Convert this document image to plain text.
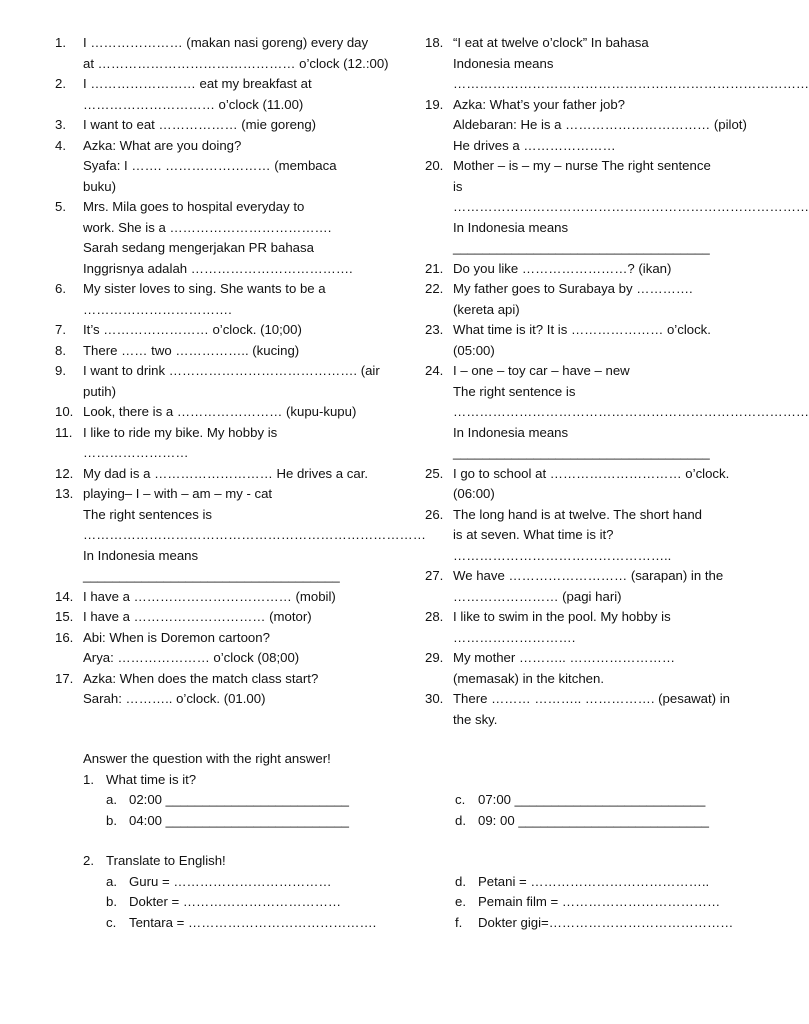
1.	I ………………… (makan nasi goreng) every day
at ……………………………………… o’clock (12.:00)
2.	I …………………… eat my breakfast at
………………………… o’clock (11.00)
3.	I want to eat ……………… (mie goreng)
4.	Azka: What are you doing?
Syafa: I ……. …………………… (membaca
buku)
5.	Mrs. Mila goes to hospital everyday to
work. She is a ……………………………….
Sarah sedang mengerjakan PR bahasa
Inggrisnya adalah ……………………………….
6.	My sister loves to sing. She wants to be a
…………………………….
7.	It’s …………………… o’clock. (10;00)
8.	There …… two …………….. (kucing)
9.	I want to drink ……………………………………. (air
putih)
10. Look, there is a …………………… (kupu-kupu)
11. I like to ride my bike. My hobby is
……………………
12. My dad is a ……………………… He drives a car.
13. playing– I – with – am – my - cat
The right sentences is
……………………………………………………………………
In Indonesia means
___________________________________
14. I have a ……………………………… (mobil)
15. I have a ………………………… (motor)
16. Abi: When is Doremon cartoon?
Arya: ………………… o’clock (08;00)
17. Azka: When does the match class start?
Sarah: ……….. o’clock. (01.00)
18. “I eat at twelve o’clock” In bahasa
Indonesia means
………………………………………………………………………
19. Azka: What’s your father job?
Aldebaran: He is a …………………………… (pilot)
He drives a …………………
20. Mother – is – my – nurse The right sentence
is
………………………………………………………………………
In Indonesia means
___________________________________
21. Do you like ……………………? (ikan)
22. My father goes to Surabaya by ………….
(kereta api)
23. What time is it? It is ………………… o’clock.
(05:00)
24. I – one – toy car – have – new
The right sentence is
………………………………………………………………………
In Indonesia means
___________________________________
25. I go to school at ………………………… o’clock.
(06:00)
26. The long hand is at twelve. The short hand
is at seven. What time is it?
…………………………………………..
27. We have ……………………… (sarapan) in the
…………………… (pagi hari)
28. I like to swim in the pool. My hobby is
……………………….
29. My mother ……….. ……………………
(memasak) in the kitchen.
30. There ……… ……….. ……………. (pesawat) in
the sky.
Answer the question with the right answer!
1. What time is it?
a. 02:00 _________________________	c. 07:00 __________________________
b. 04:00 _________________________	d. 09: 00 __________________________
2. Translate to English!
a. Guru = ………………………………	d. Petani = …………………………………..
b. Dokter = ………………………………	e. Pemain film = ………………………………
c. Tentara = …………………………………….	f.	Dokter gigi=……………………………………
